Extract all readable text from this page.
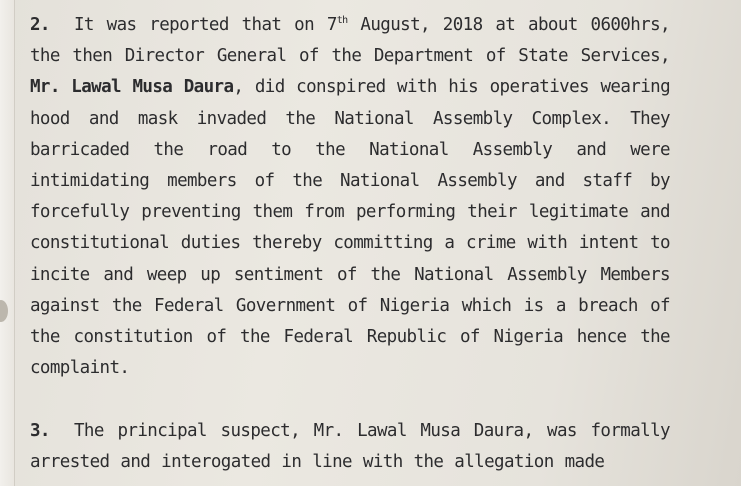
2. It was reported that on 7th August, 2018 at about 0600hrs, the then Director General of the Department of State Services, Mr. Lawal Musa Daura, did conspired with his operatives wearing hood and mask invaded the National Assembly Complex. They barricaded the road to the National Assembly and were intimidating members of the National Assembly and staff by forcefully preventing them from performing their legitimate and constitutional duties thereby committing a crime with intent to incite and weep up sentiment of the National Assembly Members against the Federal Government of Nigeria which is a breach of the constitution of the Federal Republic of Nigeria hence the complaint.
3. The principal suspect, Mr. Lawal Musa Daura, was formally arrested and interogated in line with the allegation made
